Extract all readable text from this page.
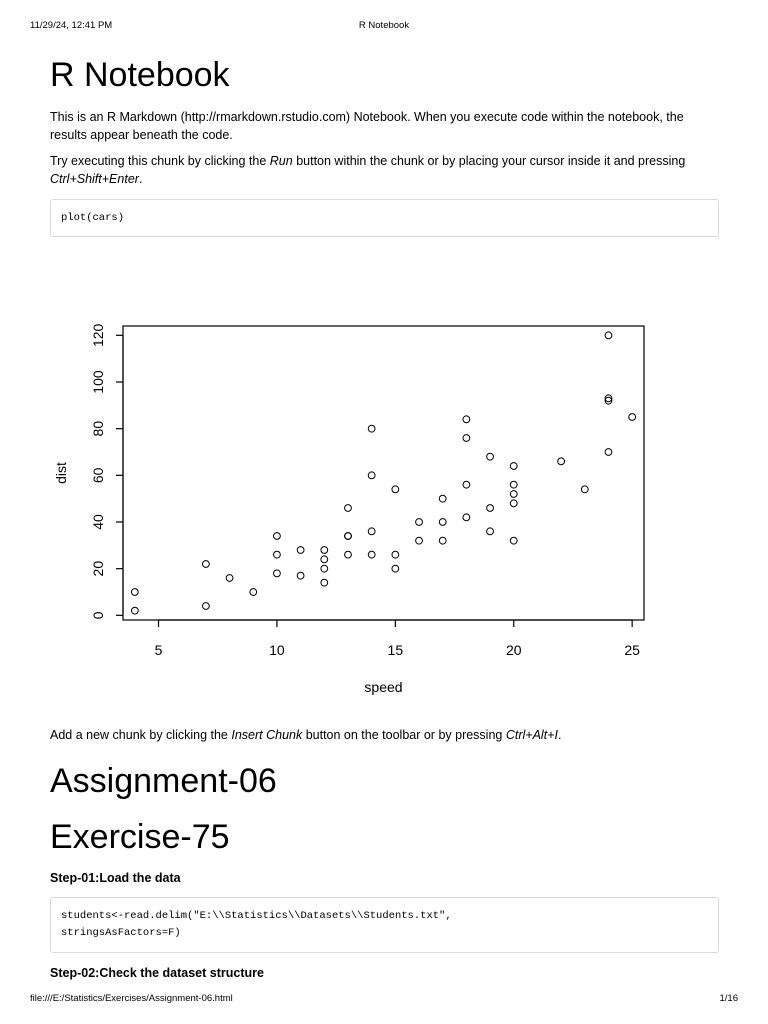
11/29/24, 12:41 PM	R Notebook
R Notebook

This is an R Markdown (http://rmarkdown.rstudio.com) Notebook. When you execute code within the notebook, the results appear beneath the code.

Try executing this chunk by clicking the Run button within the chunk or by placing your cursor inside it and pressing Ctrl+Shift+Enter.

plot(cars)
5	10	15	20	25
0
20
40
60
80
100
120
speed
dist

Add a new chunk by clicking the Insert Chunk button on the toolbar or by pressing Ctrl+Alt+I.

Assignment-06
Exercise-75

Step-01:Load the data

students<-read.delim("E:\\Statistics\\Datasets\\Students.txt",
stringsAsFactors=F)

Step-02:Check the dataset structure

file:///E:/Statistics/Exercises/Assignment-06.html	1/16
